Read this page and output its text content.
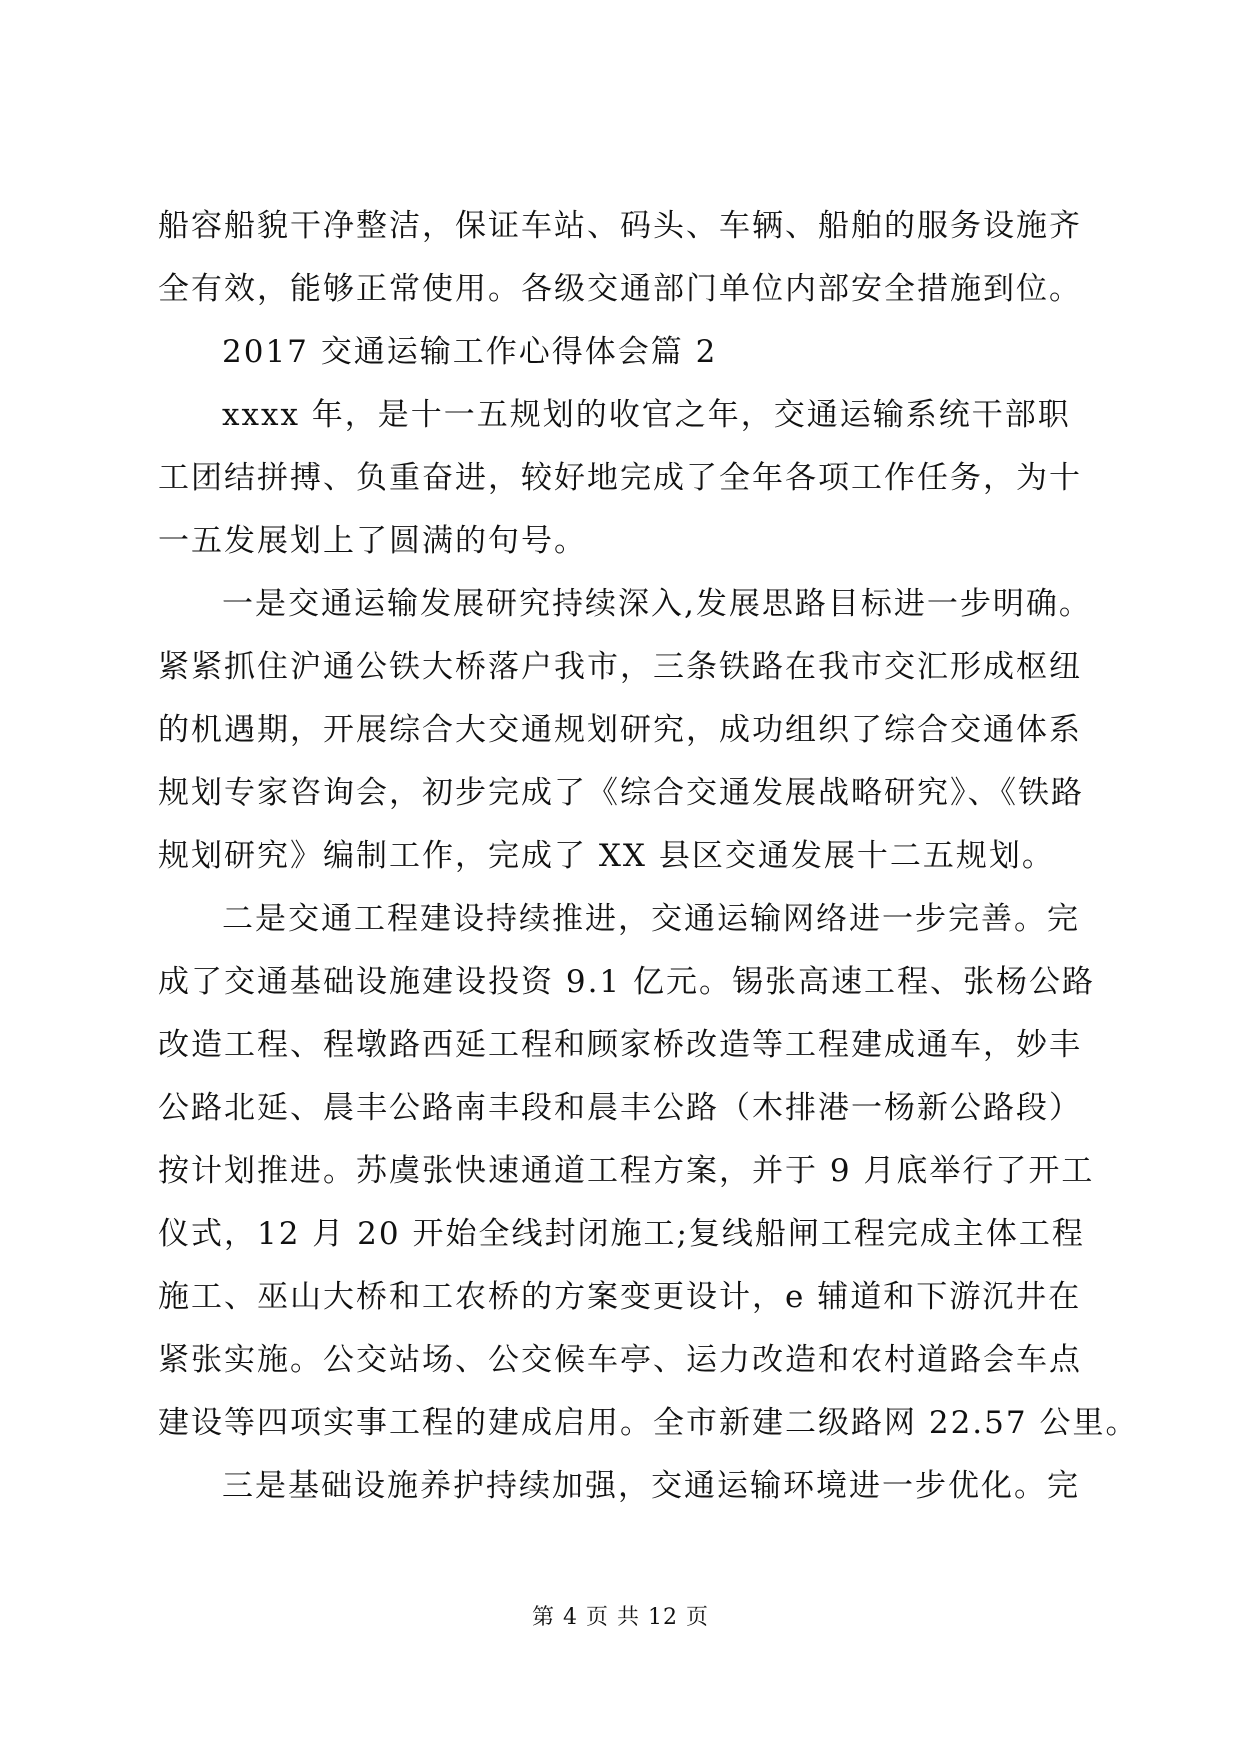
船容船貌干净整洁，保证车站、码头、车辆、船舶的服务设施齐
全有效，能够正常使用。各级交通部门单位内部安全措施到位。
2017 交通运输工作心得体会篇 2
xxxx 年，是十一五规划的收官之年，交通运输系统干部职
工团结拼搏、负重奋进，较好地完成了全年各项工作任务，为十
一五发展划上了圆满的句号。
一是交通运输发展研究持续深入,发展思路目标进一步明确。
紧紧抓住沪通公铁大桥落户我市，三条铁路在我市交汇形成枢纽
的机遇期，开展综合大交通规划研究，成功组织了综合交通体系
规划专家咨询会，初步完成了《综合交通发展战略研究》、《铁路
规划研究》编制工作，完成了 XX 县区交通发展十二五规划。
二是交通工程建设持续推进，交通运输网络进一步完善。完
成了交通基础设施建设投资 9.1 亿元。锡张高速工程、张杨公路
改造工程、程墩路西延工程和顾家桥改造等工程建成通车，妙丰
公路北延、晨丰公路南丰段和晨丰公路（木排港一杨新公路段）
按计划推进。苏虞张快速通道工程方案，并于 9 月底举行了开工
仪式，12 月 20 开始全线封闭施工;复线船闸工程完成主体工程
施工、巫山大桥和工农桥的方案变更设计，e 辅道和下游沉井在
紧张实施。公交站场、公交候车亭、运力改造和农村道路会车点
建设等四项实事工程的建成启用。全市新建二级路网 22.57 公里。
三是基础设施养护持续加强，交通运输环境进一步优化。完
第 4 页 共 12 页
